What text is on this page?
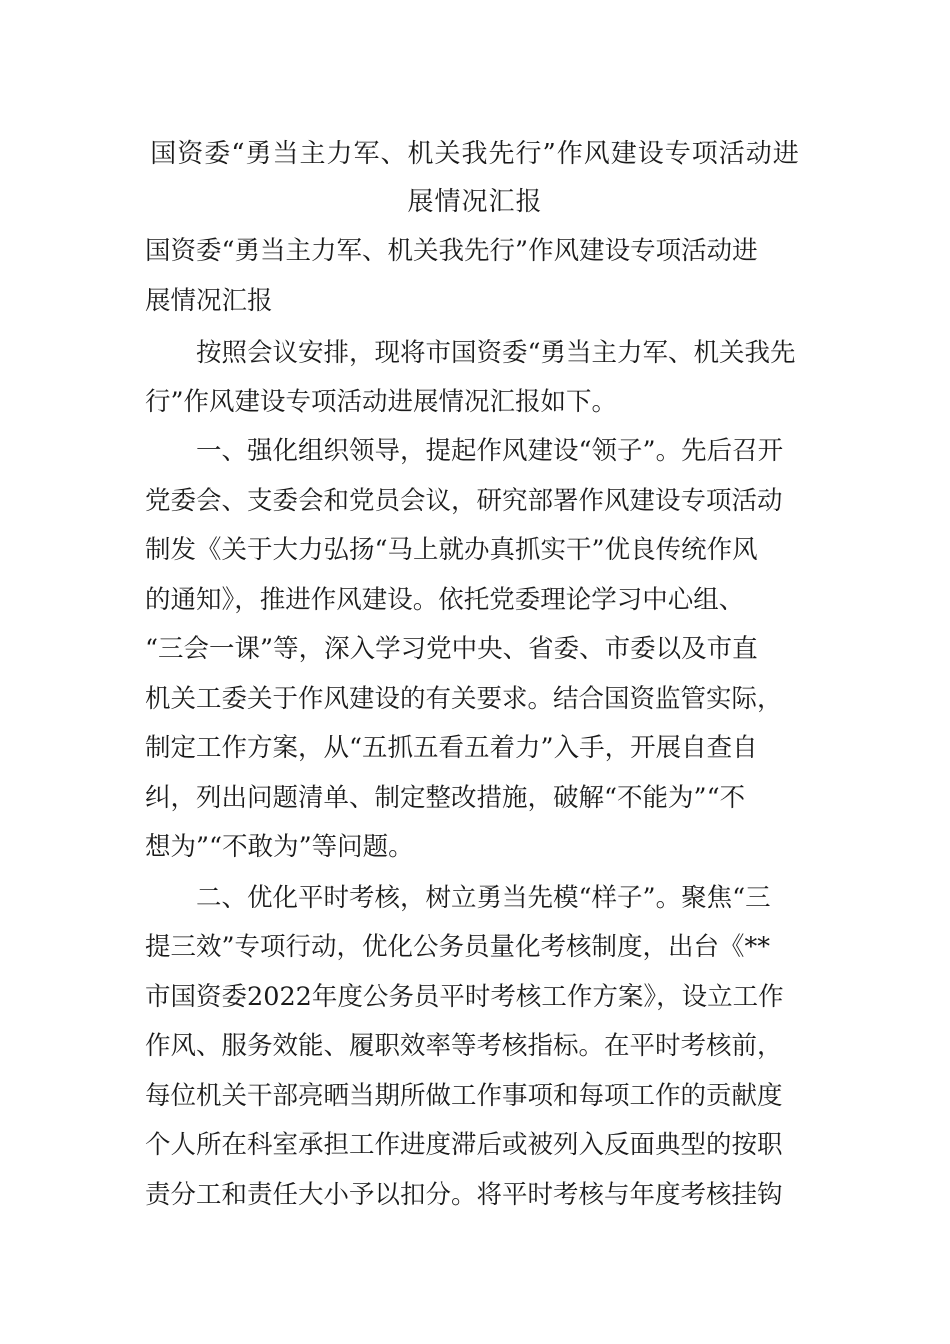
国资委“勇当主力军、机关我先行”作风建设专项活动进
展情况汇报
国资委“勇当主力军、机关我先行”作风建设专项活动进
展情况汇报
　　按照会议安排，现将市国资委“勇当主力军、机关我先
行”作风建设专项活动进展情况汇报如下。
　　一、强化组织领导，提起作风建设“领子”。先后召开
党委会、支委会和党员会议，研究部署作风建设专项活动
制发《关于大力弘扬“马上就办真抓实干”优良传统作风
的通知》，推进作风建设。依托党委理论学习中心组、
“三会一课”等，深入学习党中央、省委、市委以及市直
机关工委关于作风建设的有关要求。结合国资监管实际，
制定工作方案，从“五抓五看五着力”入手，开展自查自
纠，列出问题清单、制定整改措施，破解“不能为”“不
想为”“不敢为”等问题。
　　二、优化平时考核，树立勇当先模“样子”。聚焦“三
提三效”专项行动，优化公务员量化考核制度，出台《**
市国资委2022年度公务员平时考核工作方案》，设立工作
作风、服务效能、履职效率等考核指标。在平时考核前，
每位机关干部亮晒当期所做工作事项和每项工作的贡献度
个人所在科室承担工作进度滞后或被列入反面典型的按职
责分工和责任大小予以扣分。将平时考核与年度考核挂钩
